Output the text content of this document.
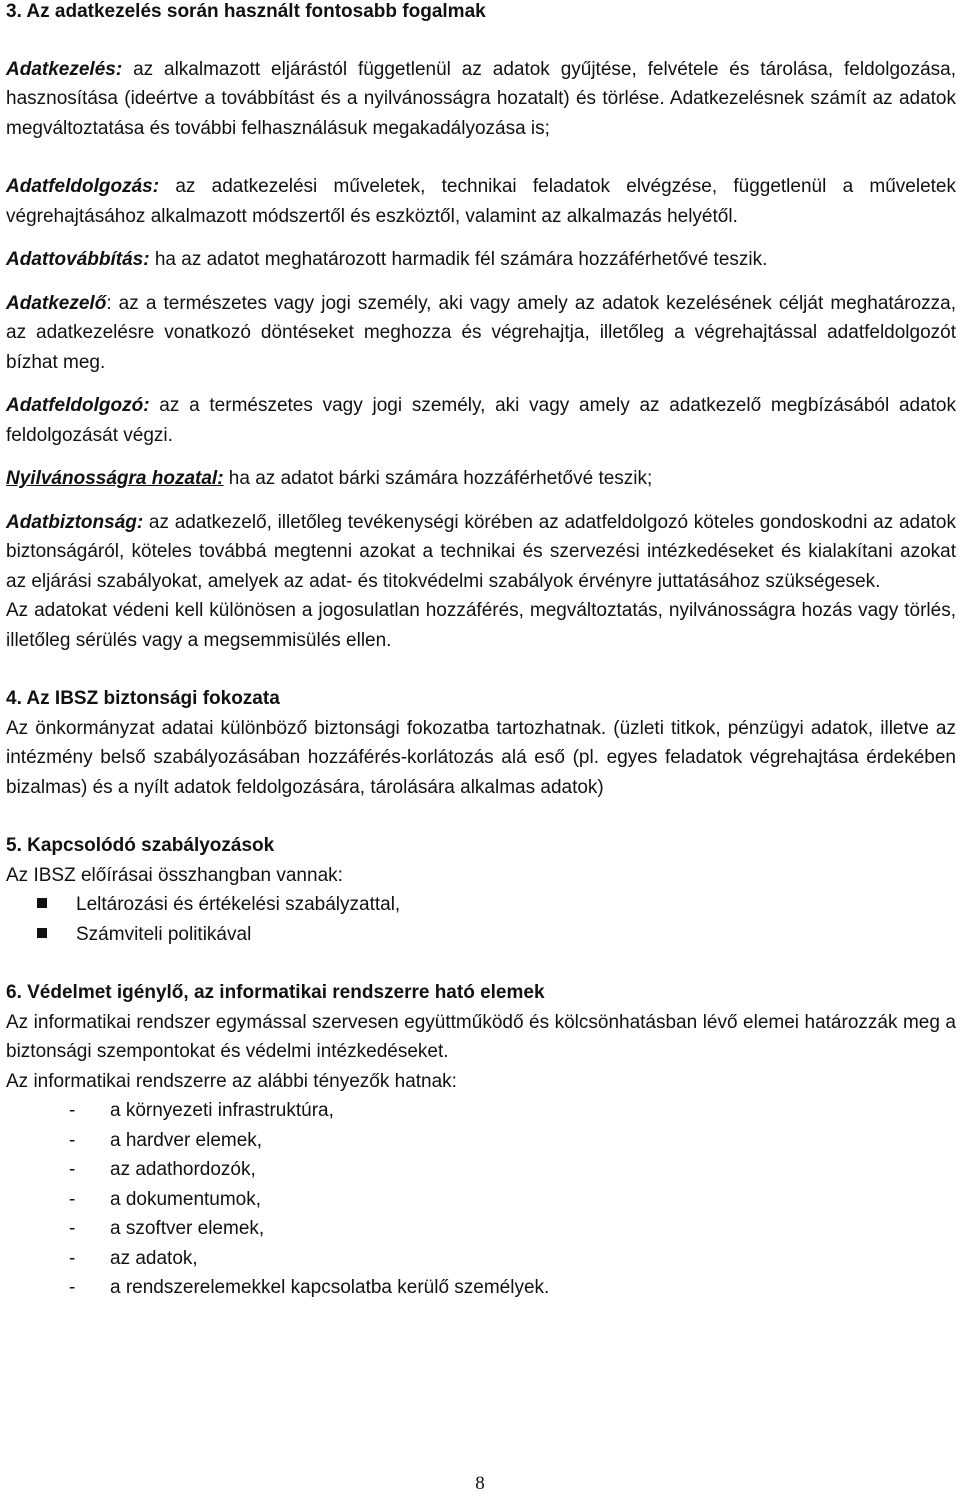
3. Az adatkezelés során használt fontosabb fogalmak

Adatkezelés: az alkalmazott eljárástól függetlenül az adatok gyűjtése, felvétele és tárolása, feldolgozása, hasznosítása (ideértve a továbbítást és a nyilvánosságra hozatalt) és törlése. Adatkezelésnek számít az adatok megváltoztatása és további felhasználásuk megakadályozása is;

Adatfeldolgozás: az adatkezelési műveletek, technikai feladatok elvégzése, függetlenül a műveletek végrehajtásához alkalmazott módszertől és eszköztől, valamint az alkalmazás helyétől.

Adattovábbítás: ha az adatot meghatározott harmadik fél számára hozzáférhetővé teszik.

Adatkezelő: az a természetes vagy jogi személy, aki vagy amely az adatok kezelésének célját meghatározza, az adatkezelésre vonatkozó döntéseket meghozza és végrehajtja, illetőleg a végrehajtással adatfeldolgozót bízhat meg.

Adatfeldolgozó: az a természetes vagy jogi személy, aki vagy amely az adatkezelő megbízásából adatok feldolgozását végzi.

Nyilvánosságra hozatal: ha az adatot bárki számára hozzáférhetővé teszik;

Adatbiztonság: az adatkezelő, illetőleg tevékenységi körében az adatfeldolgozó köteles gondoskodni az adatok biztonságáról, köteles továbbá megtenni azokat a technikai és szervezési intézkedéseket és kialakítani azokat az eljárási szabályokat, amelyek az adat- és titokvédelmi szabályok érvényre juttatásához szükségesek.

Az adatokat védeni kell különösen a jogosulatlan hozzáférés, megváltoztatás, nyilvánosságra hozás vagy törlés, illetőleg sérülés vagy a megsemmisülés ellen.

4. Az IBSZ biztonsági fokozata

Az önkormányzat adatai különböző biztonsági fokozatba tartozhatnak. (üzleti titkok, pénzügyi adatok, illetve az intézmény belső szabályozásában hozzáférés-korlátozás alá eső (pl. egyes feladatok végrehajtása érdekében bizalmas) és a nyílt adatok feldolgozására, tárolására alkalmas adatok)

5. Kapcsolódó szabályozások

Az IBSZ előírásai összhangban vannak:

Leltározási és értékelési szabályzattal,
Számviteli politikával
6. Védelmet igénylő, az informatikai rendszerre ható elemek

Az informatikai rendszer egymással szervesen együttműködő és kölcsönhatásban lévő elemei határozzák meg a biztonsági szempontokat és védelmi intézkedéseket.

Az informatikai rendszerre az alábbi tényezők hatnak:

- a környezeti infrastruktúra,
- a hardver elemek,
- az adathordozók,
- a dokumentumok,
- a szoftver elemek,
- az adatok,
- a rendszerelemekkel kapcsolatba kerülő személyek.
8
